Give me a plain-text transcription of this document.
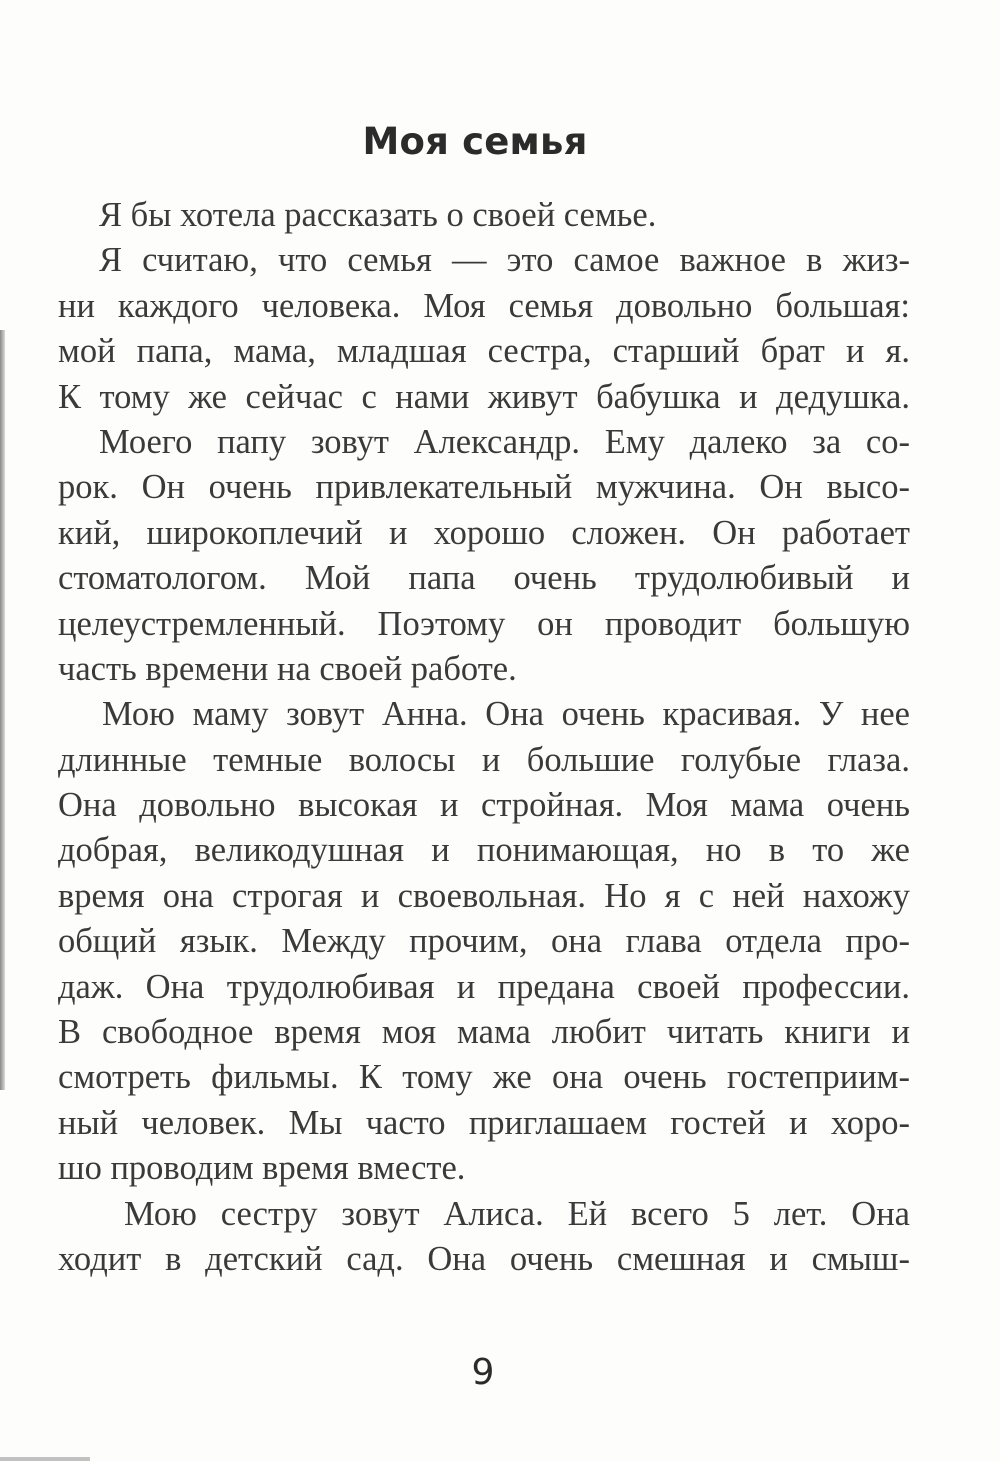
Моя семья
Я бы хотела рассказать о своей семье.
Я считаю, что семья — это самое важное в жиз-
ни каждого человека. Моя семья довольно большая:
мой папа, мама, младшая сестра, старший брат и я.
К тому же сейчас с нами живут бабушка и дедушка.
Моего папу зовут Александр. Ему далеко за со-
рок. Он очень привлекательный мужчина. Он высо-
кий, широкоплечий и хорошо сложен. Он работает
стоматологом. Мой папа очень трудолюбивый и
целеустремленный. Поэтому он проводит большую
часть времени на своей работе.
Мою маму зовут Анна. Она очень красивая. У нее
длинные темные волосы и большие голубые глаза.
Она довольно высокая и стройная. Моя мама очень
добрая, великодушная и понимающая, но в то же
время она строгая и своевольная. Но я с ней нахожу
общий язык. Между прочим, она глава отдела про-
даж. Она трудолюбивая и предана своей профессии.
В свободное время моя мама любит читать книги и
смотреть фильмы. К тому же она очень гостеприим-
ный человек. Мы часто приглашаем гостей и хоро-
шо проводим время вместе.
Мою сестру зовут Алиса. Ей всего 5 лет. Она
ходит в детский сад. Она очень смешная и смыш-
9
